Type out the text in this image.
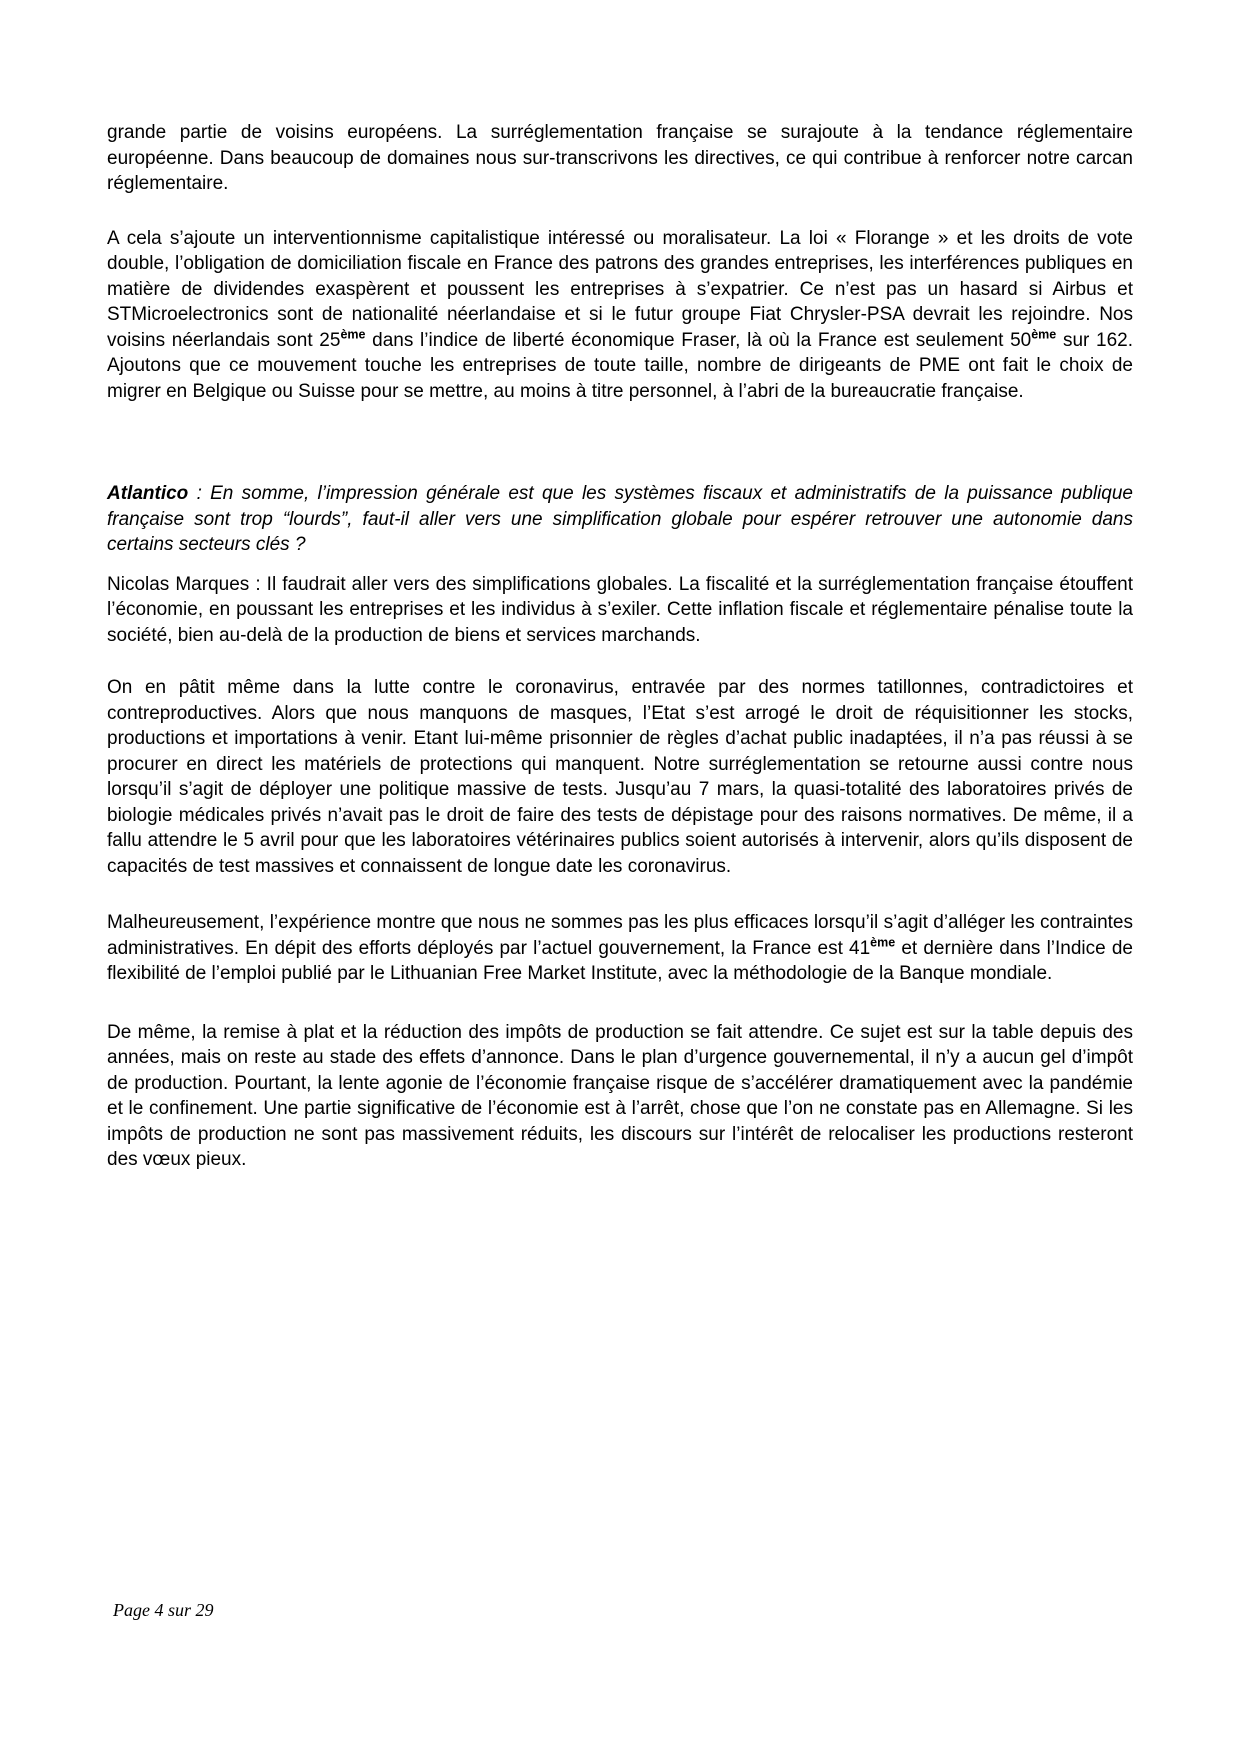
grande partie de voisins européens. La surréglementation française se surajoute à la tendance réglementaire européenne. Dans beaucoup de domaines nous sur-transcrivons les directives, ce qui contribue à renforcer notre carcan réglementaire.

A cela s’ajoute un interventionnisme capitalistique intéressé ou moralisateur. La loi « Florange » et les droits de vote double, l’obligation de domiciliation fiscale en France des patrons des grandes entreprises, les interférences publiques en matière de dividendes exaspèrent et poussent les entreprises à s’expatrier. Ce n’est pas un hasard si Airbus et STMicroelectronics sont de nationalité néerlandaise et si le futur groupe Fiat Chrysler-PSA devrait les rejoindre. Nos voisins néerlandais sont 25ème dans l’indice de liberté économique Fraser, là où la France est seulement 50ème sur 162. Ajoutons que ce mouvement touche les entreprises de toute taille, nombre de dirigeants de PME ont fait le choix de migrer en Belgique ou Suisse pour se mettre, au moins à titre personnel, à l’abri de la bureaucratie française.

Atlantico : En somme, l’impression générale est que les systèmes fiscaux et administratifs de la puissance publique française sont trop “lourds”, faut-il aller vers une simplification globale pour espérer retrouver une autonomie dans certains secteurs clés ?

Nicolas Marques : Il faudrait aller vers des simplifications globales. La fiscalité et la surréglementation française étouffent l’économie, en poussant les entreprises et les individus à s’exiler. Cette inflation fiscale et réglementaire pénalise toute la société, bien au-delà de la production de biens et services marchands.

On en pâtit même dans la lutte contre le coronavirus, entravée par des normes tatillonnes, contradictoires et contreproductives. Alors que nous manquons de masques, l’Etat s’est arrogé le droit de réquisitionner les stocks, productions et importations à venir. Etant lui-même prisonnier de règles d’achat public inadaptées, il n’a pas réussi à se procurer en direct les matériels de protections qui manquent. Notre surréglementation se retourne aussi contre nous lorsqu’il s’agit de déployer une politique massive de tests. Jusqu’au 7 mars, la quasi-totalité des laboratoires privés de biologie médicales privés n’avait pas le droit de faire des tests de dépistage pour des raisons normatives. De même, il a fallu attendre le 5 avril pour que les laboratoires vétérinaires publics soient autorisés à intervenir, alors qu’ils disposent de capacités de test massives et connaissent de longue date les coronavirus.

Malheureusement, l’expérience montre que nous ne sommes pas les plus efficaces lorsqu’il s’agit d’alléger les contraintes administratives. En dépit des efforts déployés par l’actuel gouvernement, la France est 41ème et dernière dans l’Indice de flexibilité de l’emploi publié par le Lithuanian Free Market Institute, avec la méthodologie de la Banque mondiale.

De même, la remise à plat et la réduction des impôts de production se fait attendre. Ce sujet est sur la table depuis des années, mais on reste au stade des effets d’annonce. Dans le plan d’urgence gouvernemental, il n’y a aucun gel d’impôt de production. Pourtant, la lente agonie de l’économie française risque de s’accélérer dramatiquement avec la pandémie et le confinement. Une partie significative de l’économie est à l’arrêt, chose que l’on ne constate pas en Allemagne. Si les impôts de production ne sont pas massivement réduits, les discours sur l’intérêt de relocaliser les productions resteront des vœux pieux.

Page 4 sur 29
